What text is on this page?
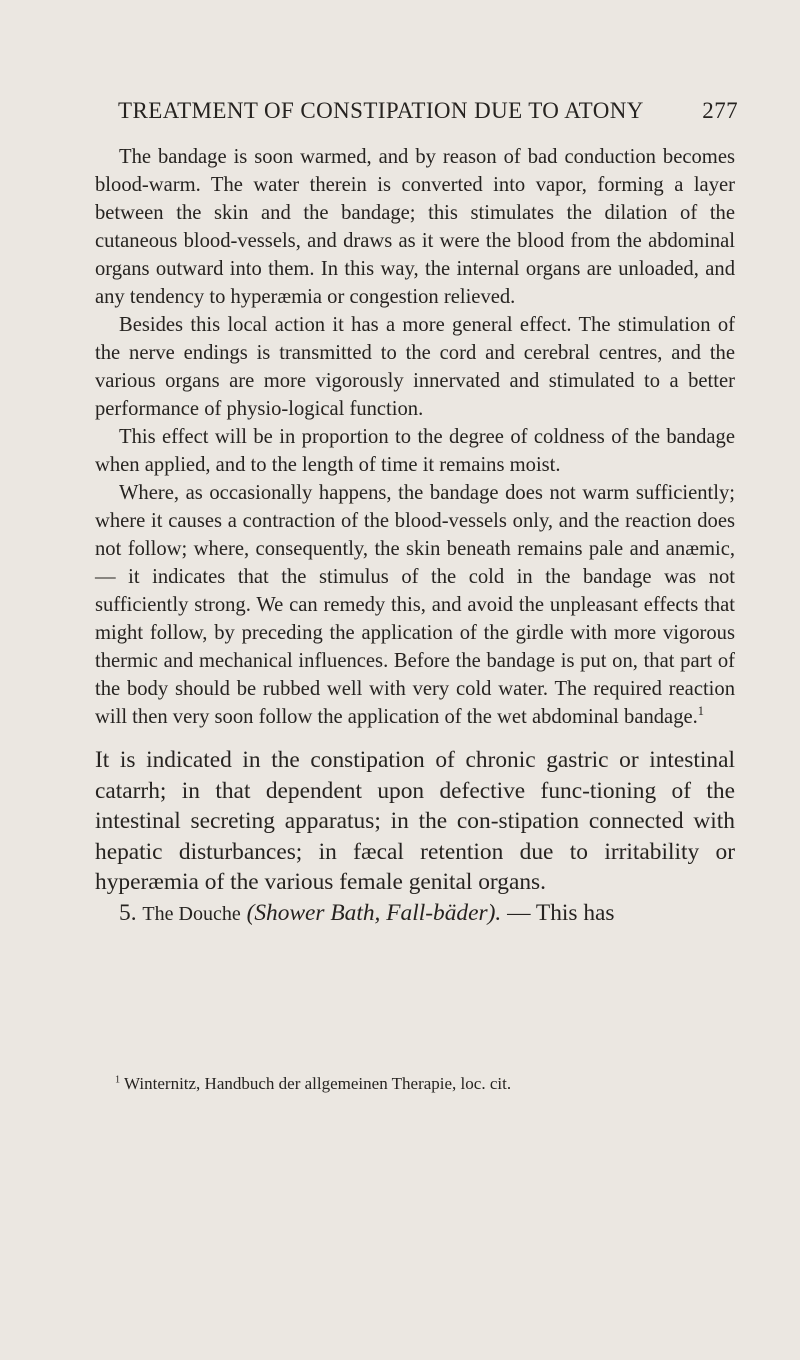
TREATMENT OF CONSTIPATION DUE TO ATONY	277

The bandage is soon warmed, and by reason of bad conduction becomes blood-warm. The water therein is converted into vapor, forming a layer between the skin and the bandage; this stimulates the dilation of the cutaneous blood-vessels, and draws as it were the blood from the abdominal organs outward into them. In this way, the internal organs are unloaded, and any tendency to hyperæmia or congestion relieved.

Besides this local action it has a more general effect. The stimulation of the nerve endings is transmitted to the cord and cerebral centres, and the various organs are more vigorously innervated and stimulated to a better performance of physio-logical function.

This effect will be in proportion to the degree of coldness of the bandage when applied, and to the length of time it remains moist.

Where, as occasionally happens, the bandage does not warm sufficiently; where it causes a contraction of the blood-vessels only, and the reaction does not follow; where, consequently, the skin beneath remains pale and anæmic, — it indicates that the stimulus of the cold in the bandage was not sufficiently strong. We can remedy this, and avoid the unpleasant effects that might follow, by preceding the application of the girdle with more vigorous thermic and mechanical influences. Before the bandage is put on, that part of the body should be rubbed well with very cold water. The required reaction will then very soon follow the application of the wet abdominal bandage.$^1$

It is indicated in the constipation of chronic gastric or intestinal catarrh; in that dependent upon defective func-tioning of the intestinal secreting apparatus; in the con-stipation connected with hepatic disturbances; in fæcal retention due to irritability or hyperæmia of the various female genital organs.

5. The Douche (Shower Bath, Fall-bäder). — This has

$^1$ Winternitz, Handbuch der allgemeinen Therapie, loc. cit.
